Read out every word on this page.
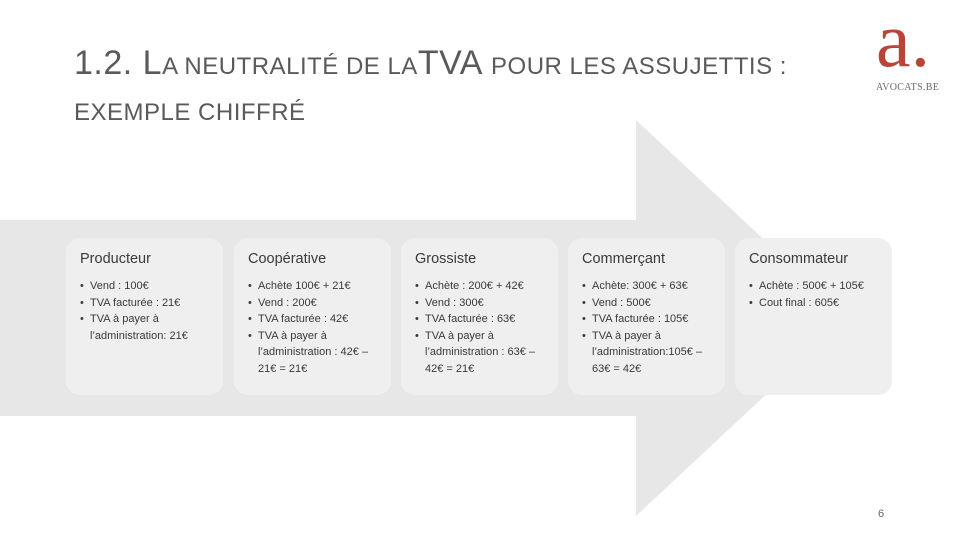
1.2. LA NEUTRALITÉ DE LATVA POUR LES ASSUJETTIS :
EXEMPLE CHIFFRÉ
a.
AVOCATS.BE
Producteur
• Vend : 100€
• TVA facturée : 21€
• TVA à payer à l’administration: 21€
Coopérative
• Achète 100€ + 21€
• Vend : 200€
• TVA facturée : 42€
• TVA à payer à l’administration : 42€ – 21€ = 21€
Grossiste
• Achète : 200€ + 42€
• Vend : 300€
• TVA facturée : 63€
• TVA à payer à l’administration : 63€ – 42€ = 21€
Commerçant
• Achète: 300€ + 63€
• Vend : 500€
• TVA facturée : 105€
• TVA à payer à l’administration:105€ – 63€ = 42€
Consommateur
• Achète : 500€ + 105€
• Cout final : 605€
6
